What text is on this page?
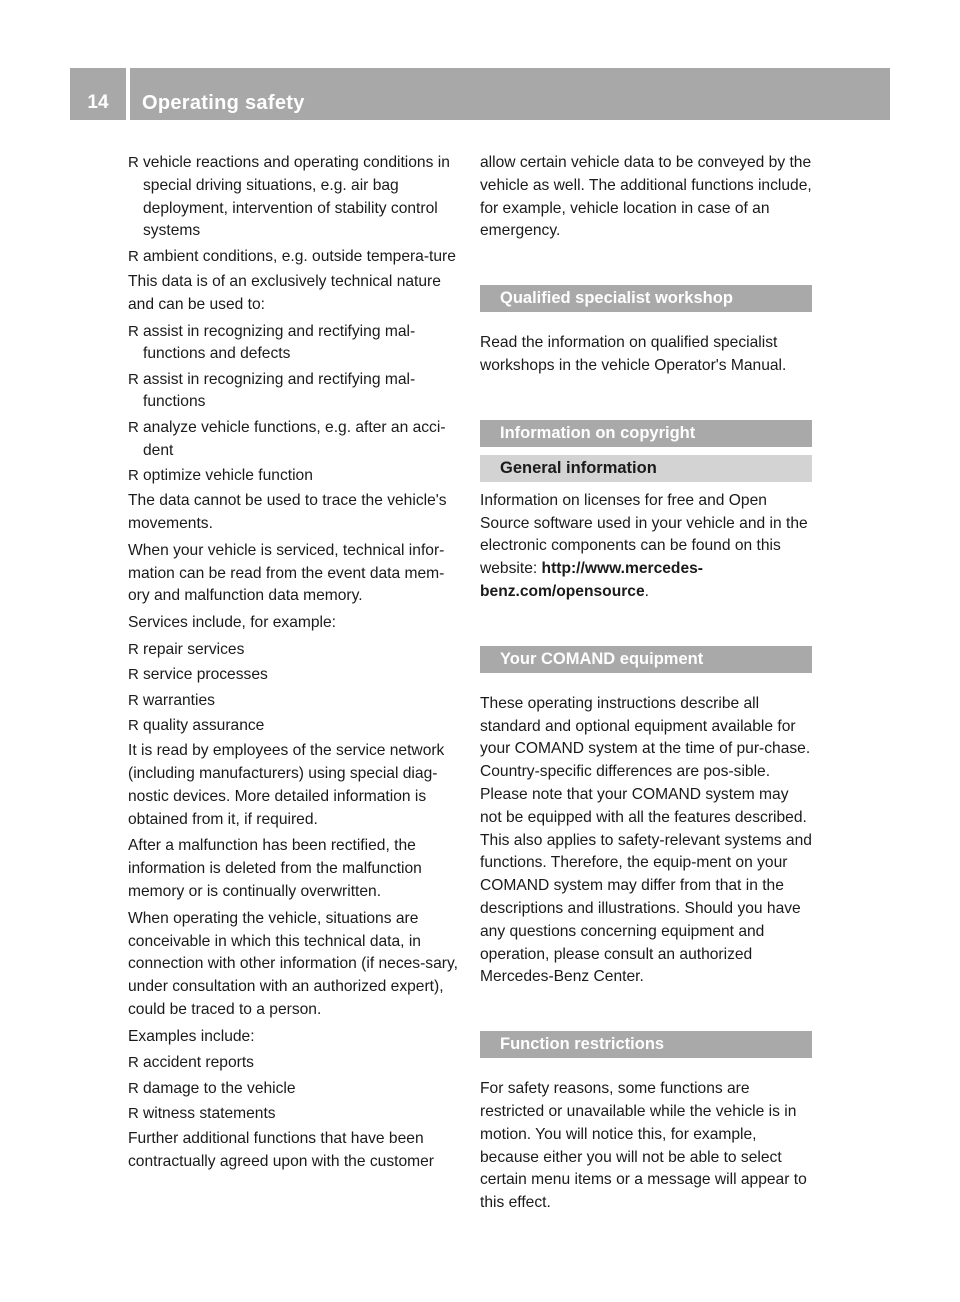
14	Operating safety
R vehicle reactions and operating conditions in special driving situations, e.g. air bag deployment, intervention of stability control systems
R ambient conditions, e.g. outside tempera-ture

This data is of an exclusively technical nature and can be used to:

R assist in recognizing and rectifying mal-functions and defects
R assist in recognizing and rectifying mal-functions
R analyze vehicle functions, e.g. after an acci-dent
R optimize vehicle function

The data cannot be used to trace the vehicle's movements.

When your vehicle is serviced, technical infor-mation can be read from the event data mem-ory and malfunction data memory.

Services include, for example:

R repair services
R service processes
R warranties
R quality assurance

It is read by employees of the service network (including manufacturers) using special diag-nostic devices. More detailed information is obtained from it, if required.

After a malfunction has been rectified, the information is deleted from the malfunction memory or is continually overwritten.

When operating the vehicle, situations are conceivable in which this technical data, in connection with other information (if neces-sary, under consultation with an authorized expert), could be traced to a person.

Examples include:

R accident reports
R damage to the vehicle
R witness statements

Further additional functions that have been contractually agreed upon with the customer

allow certain vehicle data to be conveyed by the vehicle as well. The additional functions include, for example, vehicle location in case of an emergency.

Qualified specialist workshop

Read the information on qualified specialist workshops in the vehicle Operator's Manual.

Information on copyright
General information

Information on licenses for free and Open Source software used in your vehicle and in the electronic components can be found on this website: http://www.mercedes-benz.com/opensource.

Your COMAND equipment

These operating instructions describe all standard and optional equipment available for your COMAND system at the time of pur-chase. Country-specific differences are pos-sible. Please note that your COMAND system may not be equipped with all the features described. This also applies to safety-relevant systems and functions. Therefore, the equip-ment on your COMAND system may differ from that in the descriptions and illustrations. Should you have any questions concerning equipment and operation, please consult an authorized Mercedes-Benz Center.

Function restrictions

For safety reasons, some functions are restricted or unavailable while the vehicle is in motion. You will notice this, for example, because either you will not be able to select certain menu items or a message will appear to this effect.
